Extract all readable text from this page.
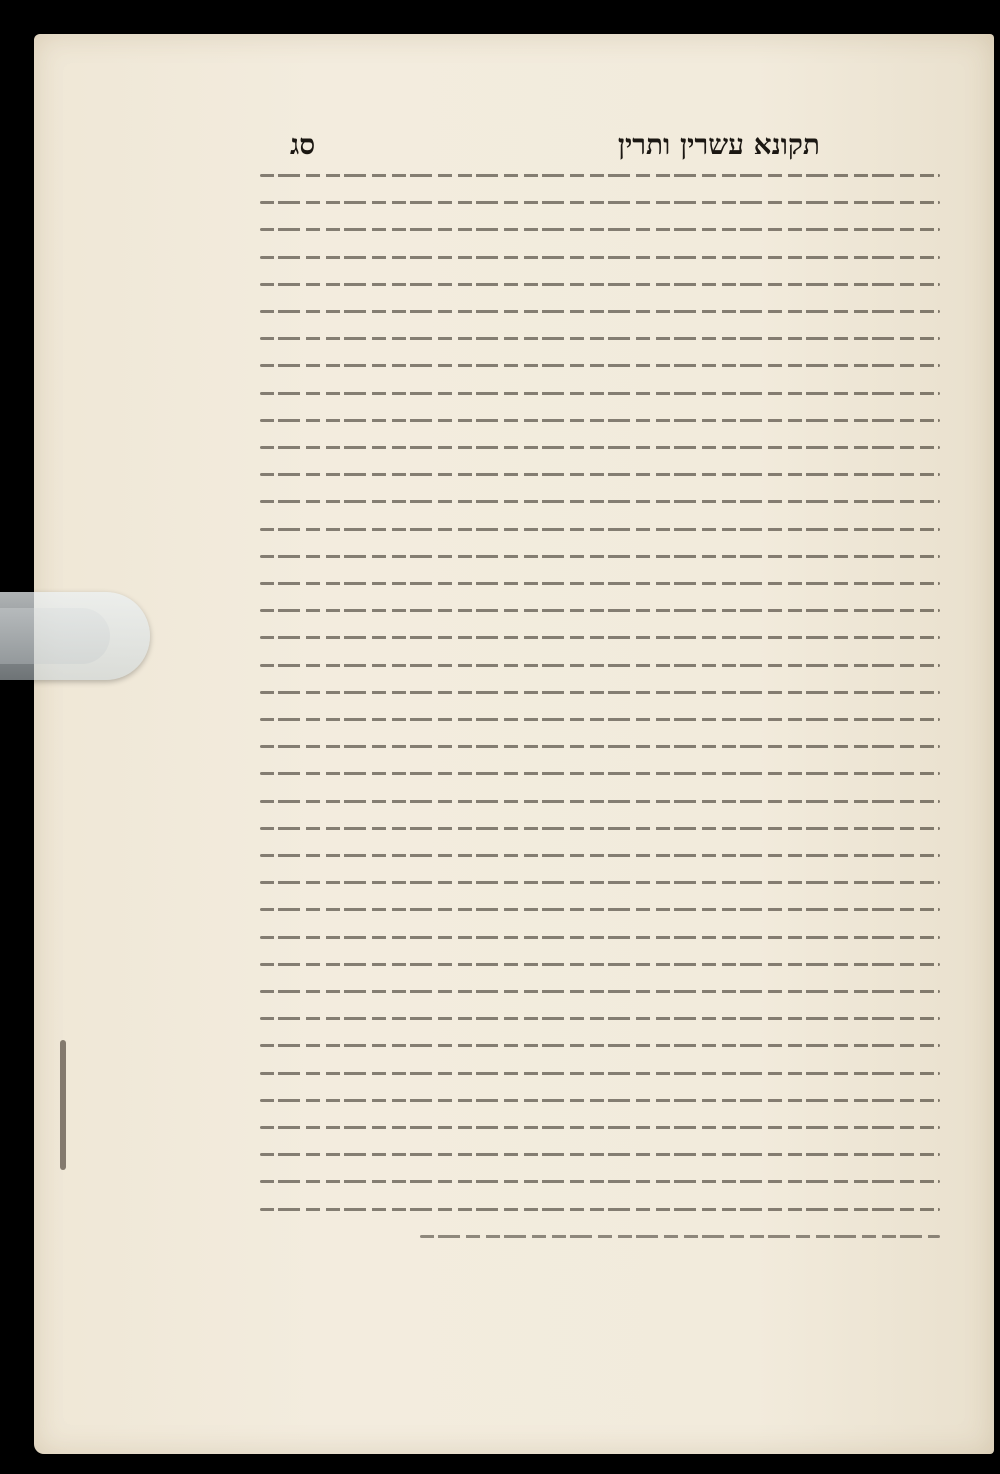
תקונא עשרין ותרין
סג
